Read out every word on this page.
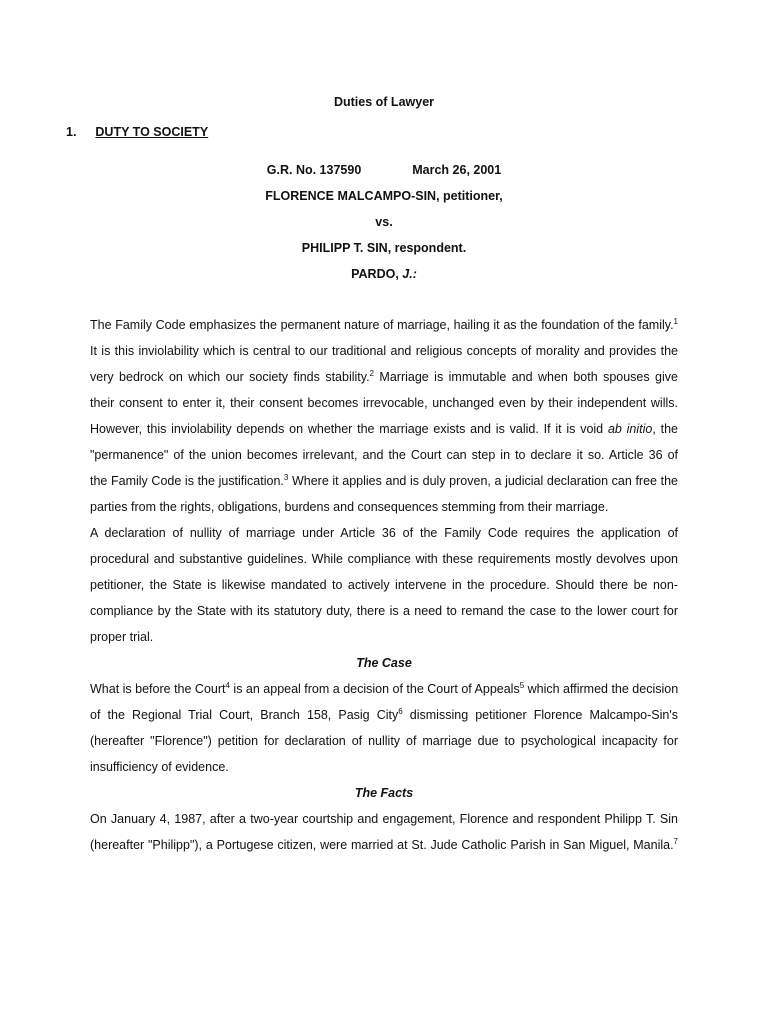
Duties of Lawyer
1. DUTY TO SOCIETY
G.R. No. 137590	March 26, 2001
FLORENCE MALCAMPO-SIN, petitioner,
vs.
PHILIPP T. SIN, respondent.
PARDO, J.:
The Family Code emphasizes the permanent nature of marriage, hailing it as the foundation of the family.$^1$
It is this inviolability which is central to our traditional and religious concepts of morality and provides the
very bedrock on which our society finds stability.$^2$ Marriage is immutable and when both spouses give
their consent to enter it, their consent becomes irrevocable, unchanged even by their independent wills.
However, this inviolability depends on whether the marriage exists and is valid. If it is void ab initio, the
"permanence" of the union becomes irrelevant, and the Court can step in to declare it so. Article 36 of
the Family Code is the justification.$^3$ Where it applies and is duly proven, a judicial declaration can free the
parties from the rights, obligations, burdens and consequences stemming from their marriage.
A declaration of nullity of marriage under Article 36 of the Family Code requires the application of
procedural and substantive guidelines. While compliance with these requirements mostly devolves upon
petitioner, the State is likewise mandated to actively intervene in the procedure. Should there be non-
compliance by the State with its statutory duty, there is a need to remand the case to the lower court for
proper trial.
The Case
What is before the Court$^4$ is an appeal from a decision of the Court of Appeals$^5$ which affirmed the decision
of the Regional Trial Court, Branch 158, Pasig City$^6$ dismissing petitioner Florence Malcampo-Sin's
(hereafter "Florence") petition for declaration of nullity of marriage due to psychological incapacity for
insufficiency of evidence.
The Facts
On January 4, 1987, after a two-year courtship and engagement, Florence and respondent Philipp T. Sin
(hereafter "Philipp"), a Portugese citizen, were married at St. Jude Catholic Parish in San Miguel, Manila.$^7$
